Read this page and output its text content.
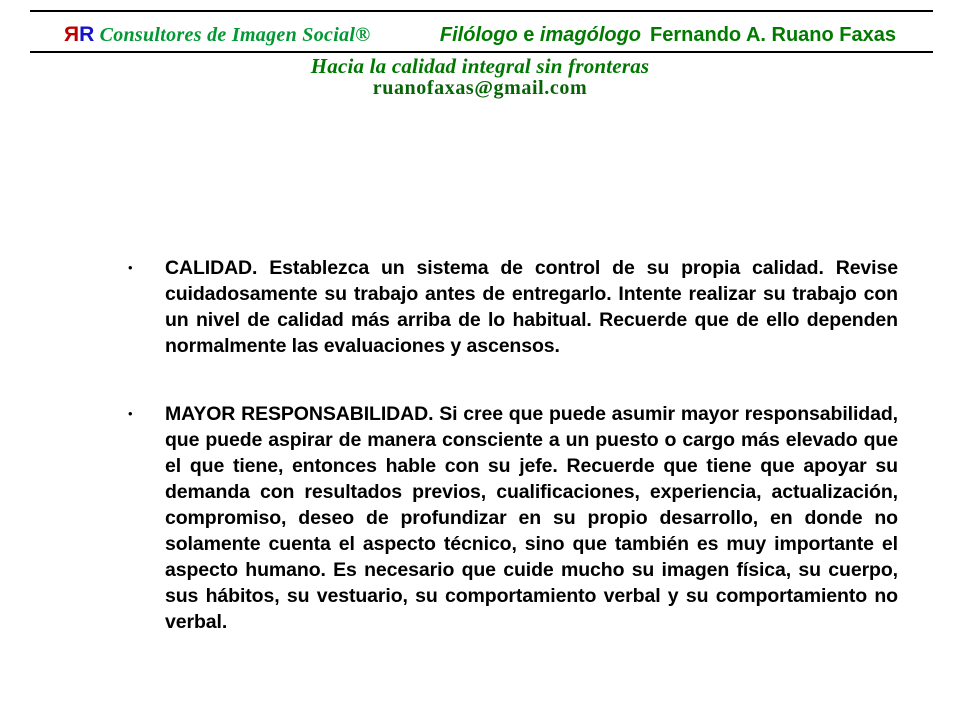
ЯR Consultores de Imagen Social®	Filólogo e imagólogo Fernando A. Ruano Faxas
Hacia la calidad integral sin fronteras
ruanofaxas@gmail.com
•	CALIDAD. Establezca un sistema de control de su propia calidad. Revise cuidadosamente su trabajo antes de entregarlo. Intente realizar su trabajo con un nivel de calidad más arriba de lo habitual. Recuerde que de ello dependen normalmente las evaluaciones y ascensos.

•	MAYOR RESPONSABILIDAD. Si cree que puede asumir mayor responsabilidad, que puede aspirar de manera consciente a un puesto o cargo más elevado que el que tiene, entonces hable con su jefe. Recuerde que tiene que apoyar su demanda con resultados previos, cualificaciones, experiencia, actualización, compromiso, deseo de profundizar en su propio desarrollo, en donde no solamente cuenta el aspecto técnico, sino que también es muy importante el aspecto humano. Es necesario que cuide mucho su imagen física, su cuerpo, sus hábitos, su vestuario, su comportamiento verbal y su comportamiento no verbal.
